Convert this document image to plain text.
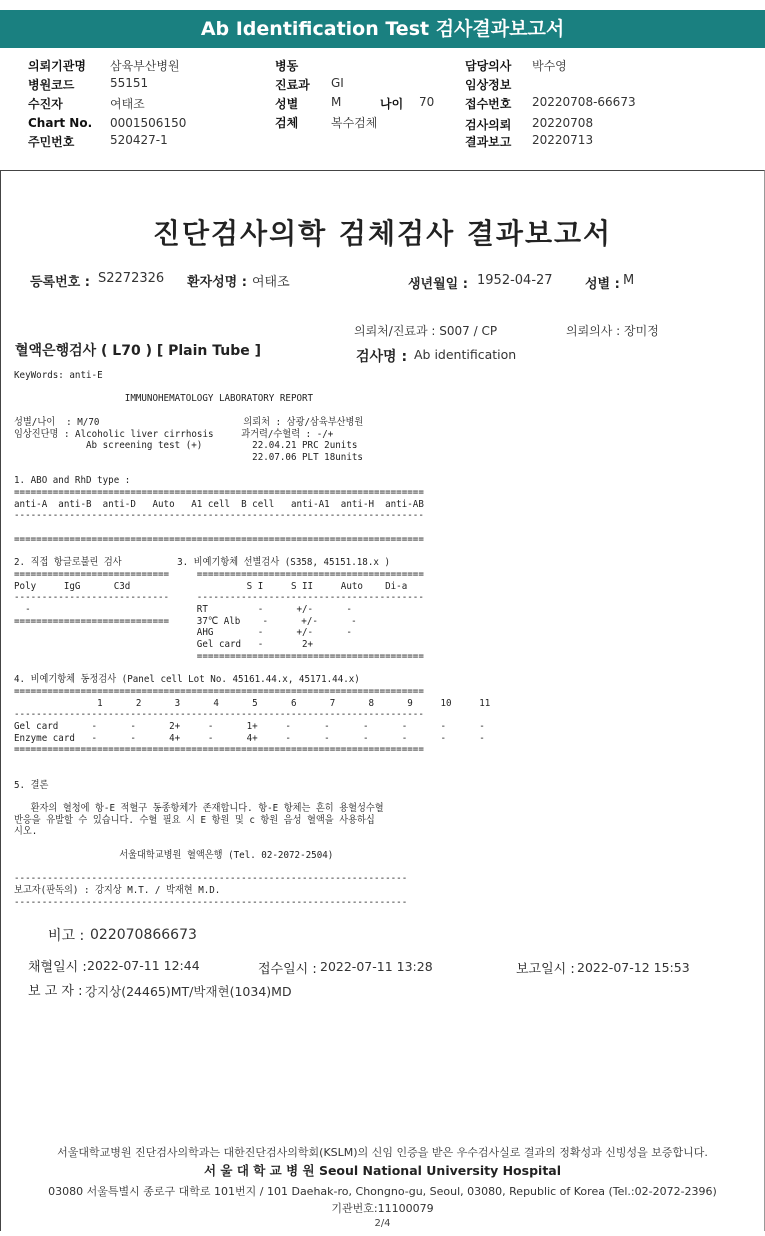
Ab Identification Test 검사결과보고서
의뢰기관명 삼육부산병원
병원코드	55151
수진자	여태조
Chart No. 0001506150
주민번호	520427-1
병동
진료과 GI
성별	M	나이 70
검체	복수검체
담당의사 박수영
임상정보
접수번호 20220708-66673
검사의뢰 20220708
결과보고 20220713
진단검사의학 검체검사 결과보고서
등록번호 : S2272326 환자성명 : 여태조	생년월일 : 1952-04-27 성별 : M
의뢰처/진료과 : S007 / CP	의뢰의사 : 장미정
혈액은행검사 ( L70 ) [ Plain Tube ]	검사명 : Ab identification
KeyWords: anti-E
IMMUNOHEMATOLOGY LABORATORY REPORT
성별/나이  : M/70                          의뢰처 : 삼광/삼육부산병원
임상진단명 : Alcoholic liver cirrhosis     과거력/수혈력 : -/+
Ab screening test (+)         22.04.21 PRC 2units
22.07.06 PLT 18units
1. ABO and RhD type :
==========================================================================
anti-A  anti-B  anti-D   Auto   A1 cell  B cell   anti-A1  anti-H  anti-AB
--------------------------------------------------------------------------
==========================================================================
2. 직접 항글로불린 검사          3. 비예기항체 선별검사 (S358, 45151.18.x )
============================     =========================================
Poly     IgG      C3d                     S I     S II     Auto    Di-a
----------------------------     -----------------------------------------
-                              RT         -      +/-      -
============================     37℃ Alb    -      +/-      -
AHG        -      +/-      -
Gel card   -       2+
=========================================
4. 비예기항체 동정검사 (Panel cell Lot No. 45161.44.x, 45171.44.x)
==========================================================================
1      2      3      4      5      6      7      8      9     10     11
--------------------------------------------------------------------------
Gel card      -      -      2+     -      1+     -      -      -      -      -      -
Enzyme card   -      -      4+     -      4+     -      -      -      -      -      -
==========================================================================
5. 결론
환자의 혈청에 항-E 적혈구 동종항체가 존재합니다. 항-E 항체는 흔히 용혈성수혈
반응을 유발할 수 있습니다. 수혈 필요 시 E 항원 및 c 항원 음성 혈액을 사용하십
시오.
서울대학교병원 혈액은행 (Tel. 02-2072-2504)
-----------------------------------------------------------------------
보고자(판독의) : 강지상 M.T. / 박재현 M.D.
-----------------------------------------------------------------------
비고 : 022070866673
채혈일시 : 2022-07-11 12:44	접수일시 : 2022-07-11 13:28	보고일시 : 2022-07-12 15:53
보 고 자 : 강지상(24465)MT/박재현(1034)MD
서울대학교병원 진단검사의학과는 대한진단검사의학회(KSLM)의 신임 인증을 받은 우수검사실로 결과의 정확성과 신빙성을 보증합니다.
서 울 대 학 교 병 원 Seoul National University Hospital
03080 서울특별시 종로구 대학로 101번지 / 101 Daehak-ro, Chongno-gu, Seoul, 03080, Republic of Korea (Tel.:02-2072-2396)
기관번호:11100079
2/4
